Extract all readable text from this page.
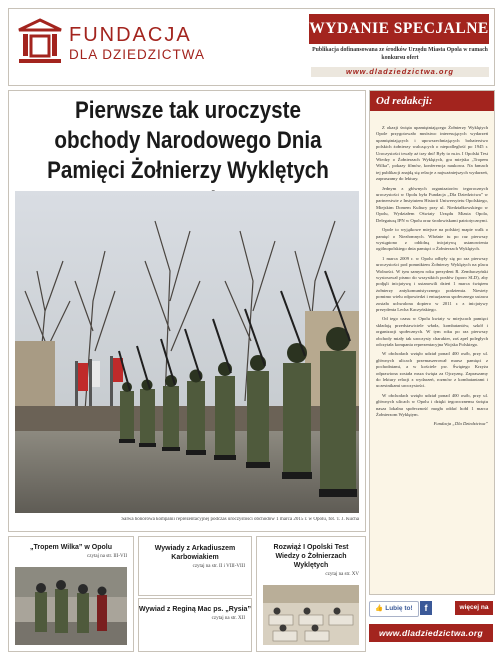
FUNDACJA
DLA DZIEDZICTWA
WYDANIE SPECJALNE
Publikacja dofinansowana ze środków Urzędu Miasta Opola w ramach konkursu ofert
www.dladziedzictwa.org
Pierwsze tak uroczyste obchody Narodowego Dnia Pamięci Żołnierzy Wyklętych
Salwa honorowa kompanii reprezentacyjnej podczas uroczystości obchodów 1 marca 2015 r. w Opolu, fot. T. J. Kucha
Od redakcji:

Z okazji święta upamiętniającego Żołnierzy Wyklętych Opole przygotowało mnóstwo interesujących wydarzeń upamiętniających i upowszechniających bohaterstwo polskich żołnierzy walczących o niepodległość po 1945 r. Uroczystości trwały aż trzy dni! Były to m.in. I Opolski Test Wiedzy o Żołnierzach Wyklętych, gra miejska „Tropem Wilka”, pokazy filmów, konferencja naukowa. Na łamach tej publikacji znajdą się relacje z najważniejszych wydarzeń, zapraszamy do lektury.

Jednym z głównych organizatorów tegorocznych uroczystości w Opolu była Fundacja „Dla Dziedzictwa” w partnerstwie z Instytutem Historii Uniwersytetu Opolskiego, Miejskim Domem Kultury przy ul. Niedziałkowskiego w Opolu, Wydziałem Oświaty Urzędu Miasta Opola, Delegaturą IPN w Opolu oraz środowiskami patriotycznymi.

Opole to wyjątkowe miejsce na polskiej mapie walk o pamięć o Niezłomnych. Właśnie tu po raz pierwszy wystąpiono z oddolną inicjatywą ustanowienia ogólnopolskiego dnia pamięci o Żołnierzach Wyklętych.

1 marca 2009 r. w Opolu odbyły się po raz pierwszy uroczystości pod pomnikiem Żołnierzy Wyklętych na placu Wolności. W tym samym roku prezydent R. Zembaczyński wystosował pismo do wszystkich posłów (sporo SLD), aby podjęli inicjatywę i ustanowili dzień 1 marca świętem żołnierzy antykomunistycznego podziemia. Niestety pomimo wielu odpowiedzi i entuzjazmu społecznego ustawa została uchwalona dopiero w 2011 r. z inicjatywy prezydenta Lecha Kaczyńskiego.

Od tego czasu w Opolu kwiaty w miejscach pamięci składają przedstawiciele władz, kombatantów, szkół i organizacji społecznych. W tym roku po raz pierwszy obchody miały tak uroczysty charakter, zaś apel poległych odczytała kompania reprezentacyjna Wojska Polskiego.

W obchodach wzięło udział ponad 400 osób, przy ul. głównych ulicach przemaszerował marsz pamięci z pochodniami, a w kościele pw. Świętego Krzyża odprawiona została msza święta za Ojczyznę. Zapraszamy do lektury relacji z wydarzeń, rozmów z kombatantami i uczestnikami uroczystości.

W obchodach wzięło udział ponad 400 osób, przy ul. głównych ulicach w Opolu i dzięki tegorocznemu świętu nasza lokalna społeczność mogła oddać hołd 1 marca Żołnierzom Wyklętym.

Fundacja „Dla Dziedzictwa”

„Tropem Wilka” w Opolu
czytaj na str. III-VII
Wywiady z Arkadiuszem Karbowiakiem
czytaj na str. II i VIII-VIII
Wywiad z Reginą Mac ps. „Rysia”
czytaj na str. XII
Rozwiąż I Opolski Test Wiedzy o Żołnierzach Wyklętych
czytaj na str. XV
👍 Lubię to!	f	więcej na
www.dladziedzictwa.org
